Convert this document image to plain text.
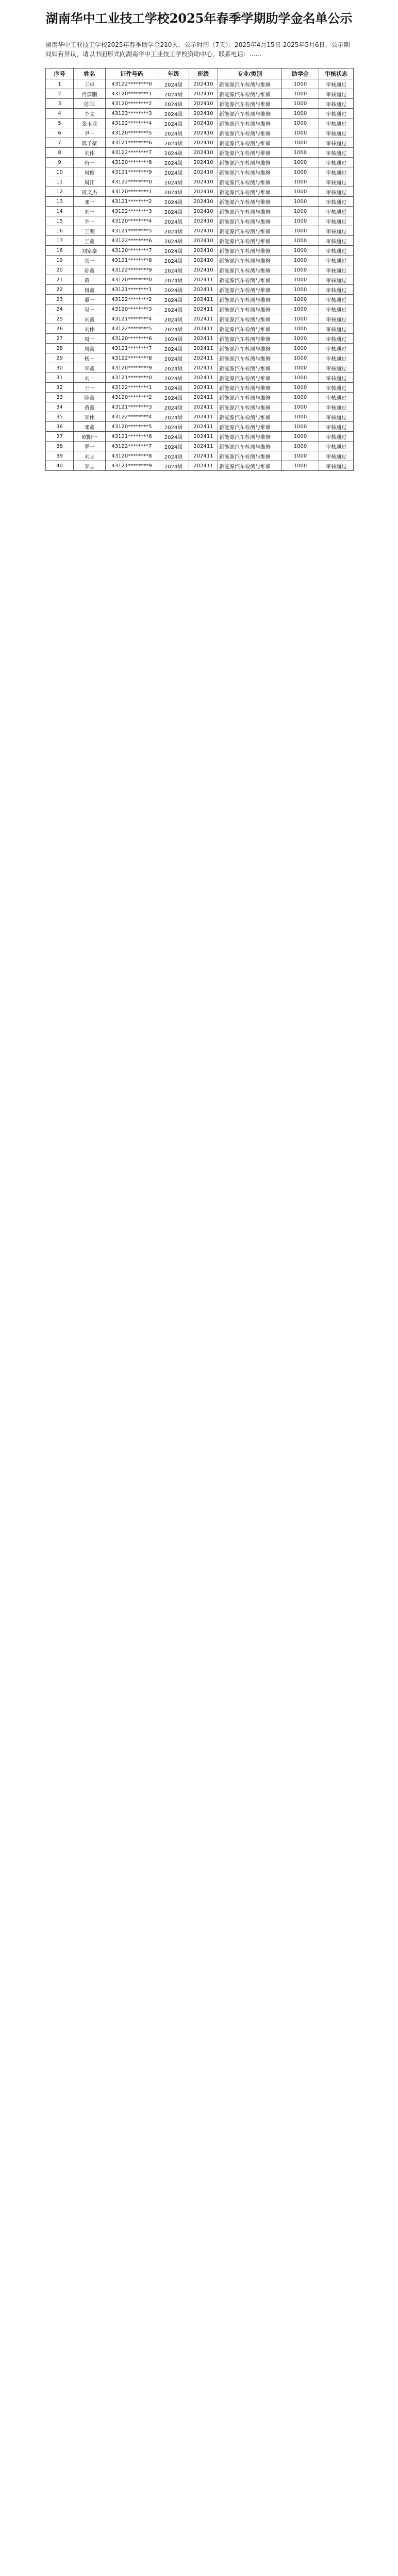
湖南华中工业技工学校2025年春季学期助学金名单公示
湖南华中工业技工学校2025年春季助学金210人，公示时间（7天）：2025年4月15日-2025年5月6日，公示期间如有异议，请以书面形式向湖南华中工业技工学校资助中心，联系电话：......
序号	姓名	证件号码	年级	班级	专业/类别	助学金	审核状态
1	王卓	43122********0	2024级	202410	新能源汽车检测与维修	1000	审核通过
2	肖潇鹏	43120********1	2024级	202410	新能源汽车检测与维修	1000	审核通过
3	陈国	43120********2	2024级	202410	新能源汽车检测与维修	1000	审核通过
4	李文	43123********3	2024级	202410	新能源汽车检测与维修	1000	审核通过
5	张玉龙	43122********4	2024级	202410	新能源汽车检测与维修	1000	审核通过
6	尹一	43120********5	2024级	202410	新能源汽车检测与维修	1000	审核通过
7	陈子豪	43121********6	2024级	202410	新能源汽车检测与维修	1000	审核通过
8	刘伟	43122********7	2024级	202410	新能源汽车检测与维修	1000	审核通过
9	唐一	43120********8	2024级	202410	新能源汽车检测与维修	1000	审核通过
10	周俊	43121********9	2024级	202410	新能源汽车检测与维修	1000	审核通过
11	周江	43122********0	2024级	202410	新能源汽车检测与维修	1000	审核通过
12	周文杰	43120********1	2024级	202410	新能源汽车检测与维修	1000	审核通过
13	邓一	43121********2	2024级	202410	新能源汽车检测与维修	1000	审核通过
14	刘一	43122********3	2024级	202410	新能源汽车检测与维修	1000	审核通过
15	李一	43120********4	2024级	202410	新能源汽车检测与维修	1000	审核通过
16	王鹏	43121********5	2024级	202410	新能源汽车检测与维修	1000	审核通过
17	王鑫	43122********6	2024级	202410	新能源汽车检测与维修	1000	审核通过
18	刘家豪	43120********7	2024级	202410	新能源汽车检测与维修	1000	审核通过
19	张一	43121********8	2024级	202410	新能源汽车检测与维修	1000	审核通过
20	孙鑫	43122********9	2024级	202410	新能源汽车检测与维修	1000	审核通过
21	黄一	43120********0	2024级	202411	新能源汽车检测与维修	1000	审核通过
22	唐鑫	43121********1	2024级	202411	新能源汽车检测与维修	1000	审核通过
23	谭一	43122********2	2024级	202411	新能源汽车检测与维修	1000	审核通过
24	吴一	43120********3	2024级	202411	新能源汽车检测与维修	1000	审核通过
25	刘鑫	43121********4	2024级	202411	新能源汽车检测与维修	1000	审核通过
26	刘伟	43122********5	2024级	202411	新能源汽车检测与维修	1000	审核通过
27	周一	43120********6	2024级	202411	新能源汽车检测与维修	1000	审核通过
28	周鑫	43121********7	2024级	202411	新能源汽车检测与维修	1000	审核通过
29	杨一	43122********8	2024级	202411	新能源汽车检测与维修	1000	审核通过
30	李鑫	43120********9	2024级	202411	新能源汽车检测与维修	1000	审核通过
31	刘一	43121********0	2024级	202411	新能源汽车检测与维修	1000	审核通过
32	王一	43122********1	2024级	202411	新能源汽车检测与维修	1000	审核通过
33	陈鑫	43120********2	2024级	202411	新能源汽车检测与维修	1000	审核通过
34	黄鑫	43121********3	2024级	202411	新能源汽车检测与维修	1000	审核通过
35	李伟	43122********4	2024级	202411	新能源汽车检测与维修	1000	审核通过
36	邓鑫	43120********5	2024级	202411	新能源汽车检测与维修	1000	审核通过
37	欧阳一	43121********6	2024级	202411	新能源汽车检测与维修	1000	审核通过
38	罗一	43122********7	2024级	202411	新能源汽车检测与维修	1000	审核通过
39	刘志	43120********8	2024级	202411	新能源汽车检测与维修	1000	审核通过
40	李志	43121********9	2024级	202411	新能源汽车检测与维修	1000	审核通过
